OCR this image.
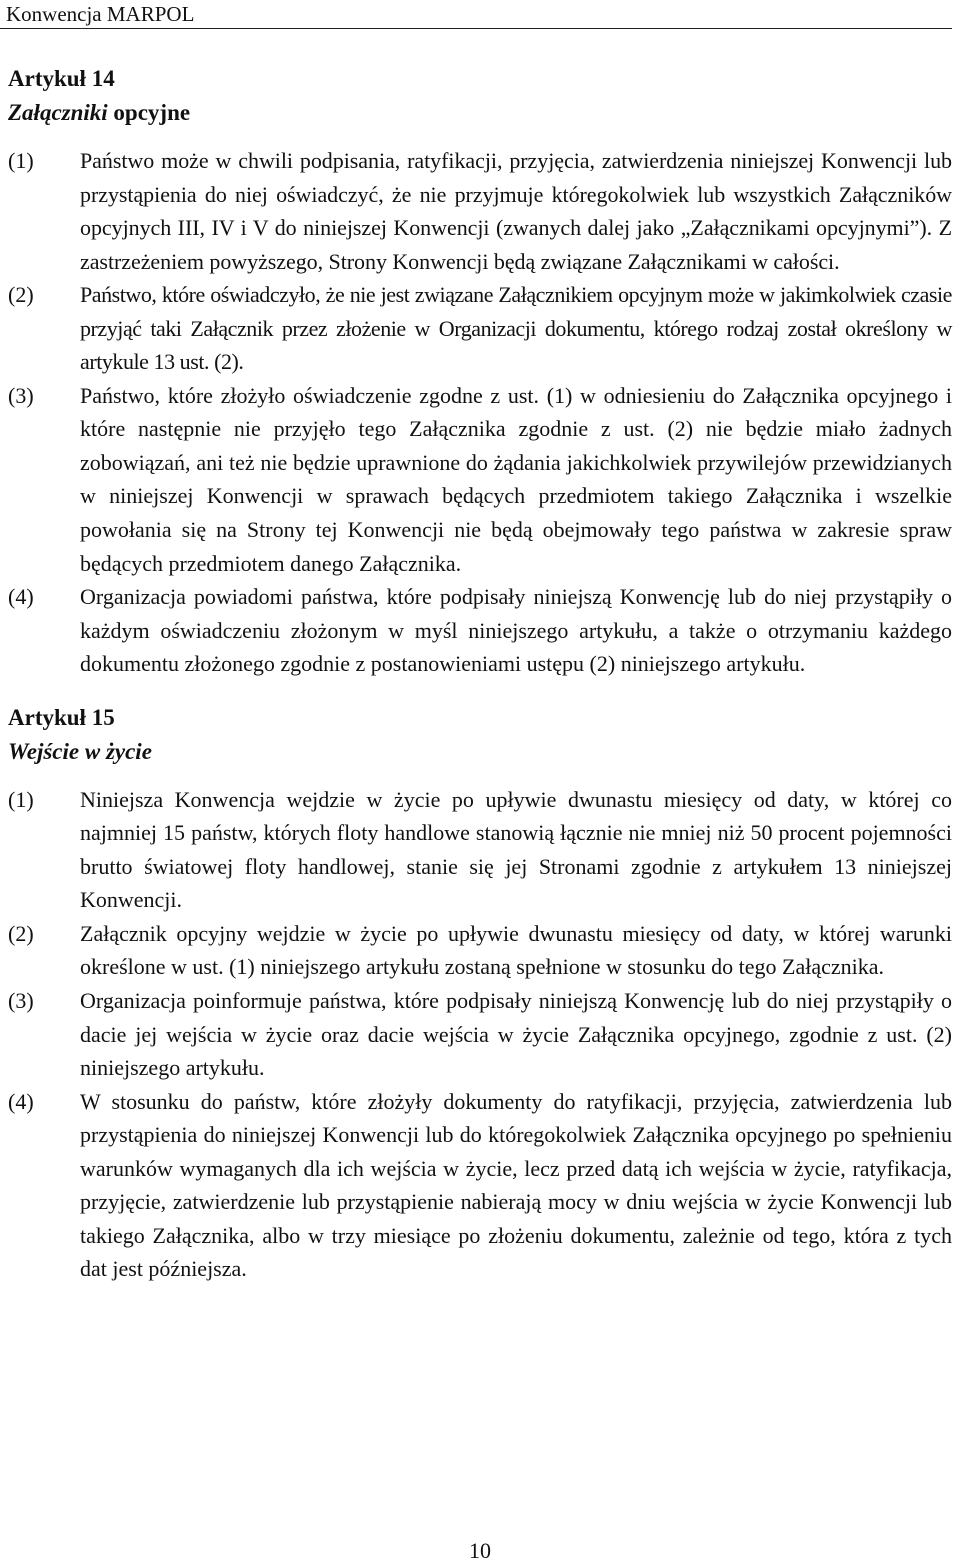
Konwencja MARPOL
Artykuł 14
Załączniki opcyjne
(1)	Państwo może w chwili podpisania, ratyfikacji, przyjęcia, zatwierdzenia niniejszej Konwencji lub przystąpienia do niej oświadczyć, że nie przyjmuje któregokolwiek lub wszystkich Załączników opcyjnych III, IV i V do niniejszej Konwencji (zwanych dalej jako „Załącznikami opcyjnymi”). Z zastrzeżeniem powyższego, Strony Konwencji będą związane Załącznikami w całości.
(2)	Państwo, które oświadczyło, że nie jest związane Załącznikiem opcyjnym może w jakimkolwiek czasie przyjąć taki Załącznik przez złożenie w Organizacji dokumentu, którego rodzaj został określony w artykule 13 ust. (2).
(3)	Państwo, które złożyło oświadczenie zgodne z ust. (1) w odniesieniu do Załącznika opcyjnego i które następnie nie przyjęło tego Załącznika zgodnie z ust. (2) nie będzie miało żadnych zobowiązań, ani też nie będzie uprawnione do żądania jakichkolwiek przywilejów przewidzianych w niniejszej Konwencji w sprawach będących przedmiotem takiego Załącznika i wszelkie powołania się na Strony tej Konwencji nie będą obejmowały tego państwa w zakresie spraw będących przedmiotem danego Załącznika.
(4)	Organizacja powiadomi państwa, które podpisały niniejszą Konwencję lub do niej przystąpiły o każdym oświadczeniu złożonym w myśl niniejszego artykułu, a także o otrzymaniu każdego dokumentu złożonego zgodnie z postanowieniami ustępu (2) niniejszego artykułu.
Artykuł 15
Wejście w życie
(1)	Niniejsza Konwencja wejdzie w życie po upływie dwunastu miesięcy od daty, w której co najmniej 15 państw, których floty handlowe stanowią łącznie nie mniej niż 50 procent pojemności brutto światowej floty handlowej, stanie się jej Stronami zgodnie z artykułem 13 niniejszej Konwencji.
(2)	Załącznik opcyjny wejdzie w życie po upływie dwunastu miesięcy od daty, w której warunki określone w ust. (1) niniejszego artykułu zostaną spełnione w stosunku do tego Załącznika.
(3)	Organizacja poinformuje państwa, które podpisały niniejszą Konwencję lub do niej przystąpiły o dacie jej wejścia w życie oraz dacie wejścia w życie Załącznika opcyjnego, zgodnie z ust. (2) niniejszego artykułu.
(4)	W stosunku do państw, które złożyły dokumenty do ratyfikacji, przyjęcia, zatwierdzenia lub przystąpienia do niniejszej Konwencji lub do któregokolwiek Załącznika opcyjnego po spełnieniu warunków wymaganych dla ich wejścia w życie, lecz przed datą ich wejścia w życie, ratyfikacja, przyjęcie, zatwierdzenie lub przystąpienie nabierają mocy w dniu wejścia w życie Konwencji lub takiego Załącznika, albo w trzy miesiące po złożeniu dokumentu, zależnie od tego, która z tych dat jest późniejsza.
10
